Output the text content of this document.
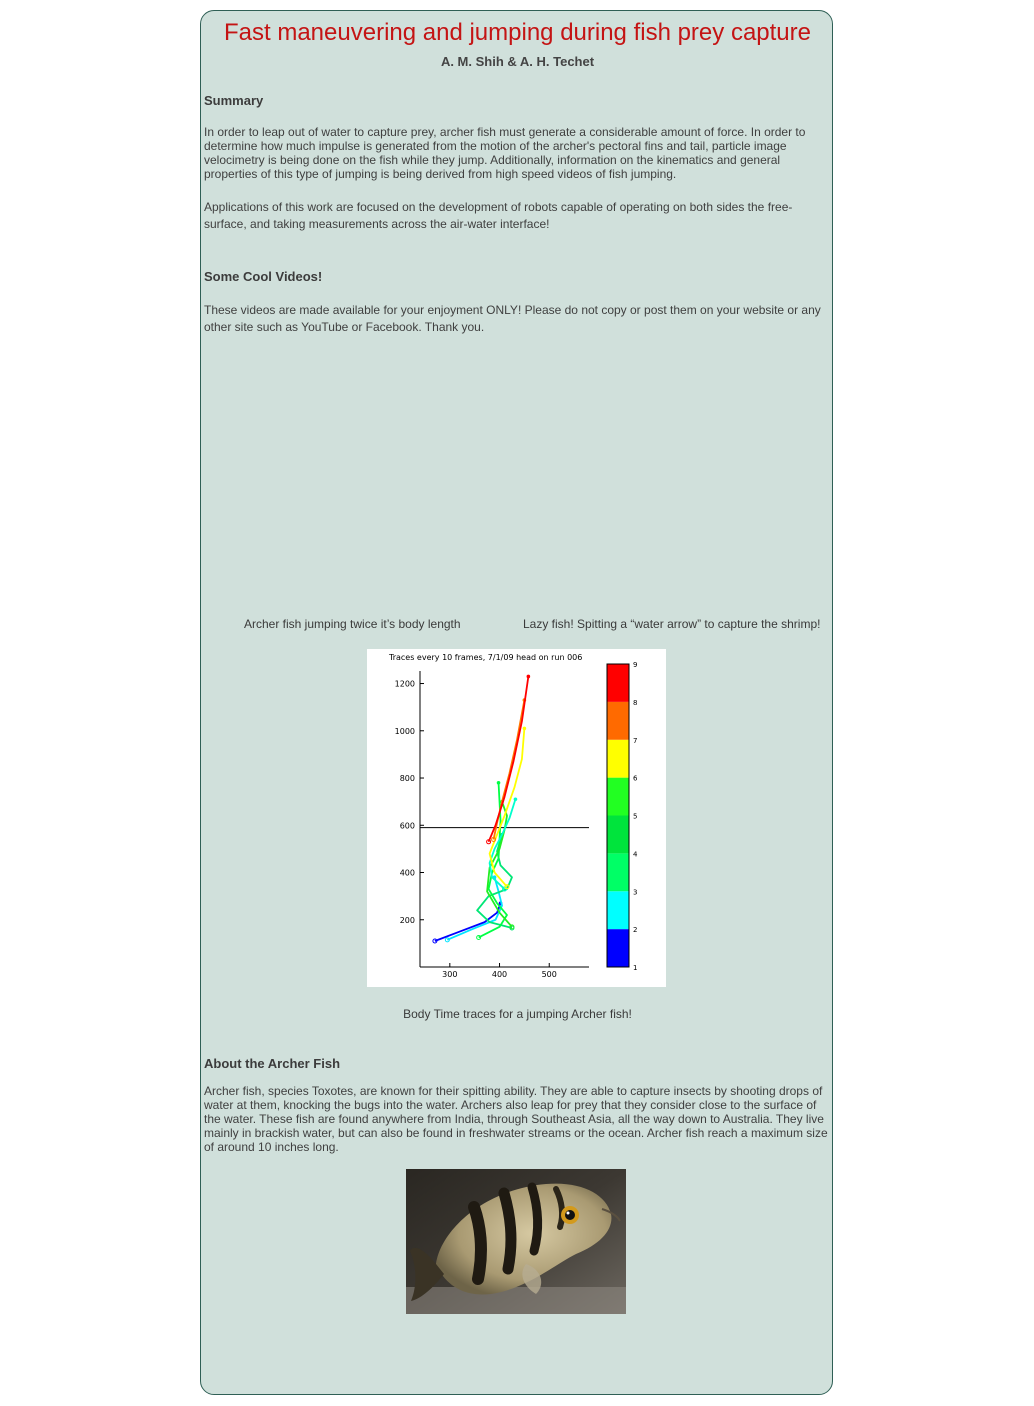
Fast maneuvering and jumping during fish prey capture
A. M. Shih & A. H. Techet
Summary
In order to leap out of water to capture prey, archer fish must generate a considerable amount of force. In order to determine how much impulse is generated from the motion of the archer's pectoral fins and tail, particle image velocimetry is being done on the fish while they jump. Additionally, information on the kinematics and general properties of this type of jumping is being derived from high speed videos of fish jumping.
Applications of this work are focused on the development of robots capable of operating on both sides the free-surface, and taking measurements across the air-water interface!
Some Cool Videos!
These videos are made available for your enjoyment ONLY! Please do not copy or post them on your website or any other site such as YouTube or Facebook. Thank you.
Archer fish jumping twice it’s body length	Lazy fish! Spitting a “water arrow” to capture the shrimp!
Traces every 10 frames, 7/1/09 head on run 006
200
400
600
800
1000
1200
300	400	500
1
2
3
4
5
6
7
8
9
Body Time traces for a jumping Archer fish!
About the Archer Fish
Archer fish, species Toxotes, are known for their spitting ability. They are able to capture insects by shooting drops of water at them, knocking the bugs into the water. Archers also leap for prey that they consider close to the surface of the water. These fish are found anywhere from India, through Southeast Asia, all the way down to Australia. They live mainly in brackish water, but can also be found in freshwater streams or the ocean. Archer fish reach a maximum size of around 10 inches long.
